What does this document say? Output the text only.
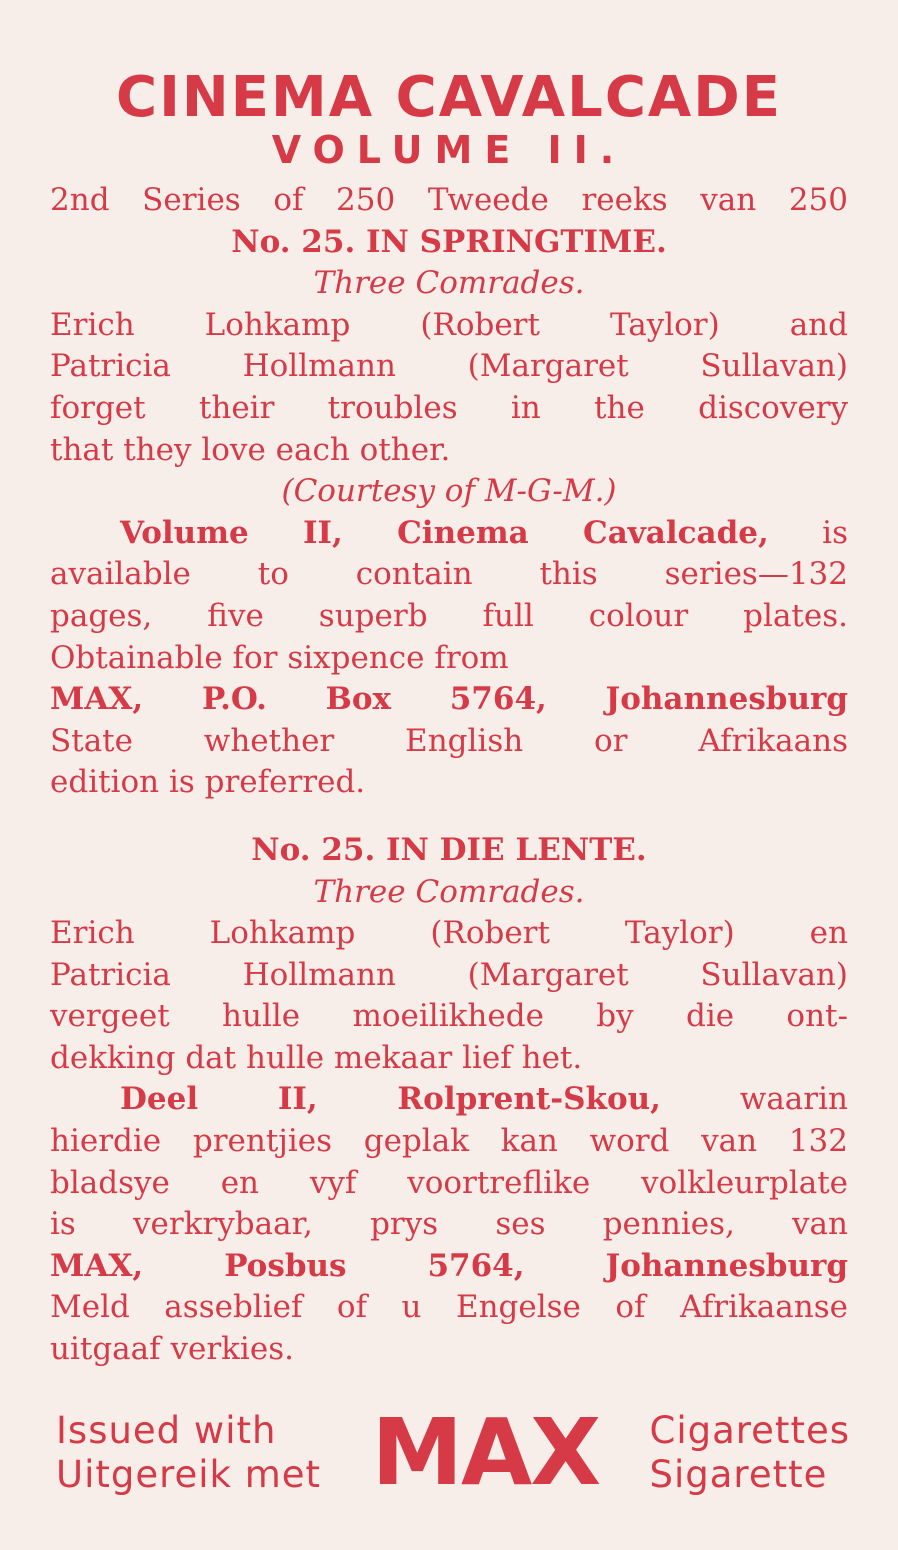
CINEMA CAVALCADE
VOLUME II.
2nd Series of 250 Tweede reeks van 250
No. 25. IN SPRINGTIME.
Three Comrades.
Erich Lohkamp (Robert Taylor) and
Patricia Hollmann (Margaret Sullavan)
forget their troubles in the discovery
that they love each other.
(Courtesy of M-G-M.)
Volume II, Cinema Cavalcade, is
available to contain this series—132
pages, five superb full colour plates.
Obtainable for sixpence from
MAX, P.O. Box 5764, Johannesburg
State whether English or Afrikaans
edition is preferred.
No. 25. IN DIE LENTE.
Three Comrades.
Erich Lohkamp (Robert Taylor) en
Patricia Hollmann (Margaret Sullavan)
vergeet hulle moeilikhede by die ont-
dekking dat hulle mekaar lief het.
Deel II, Rolprent-Skou, waarin
hierdie prentjies geplak kan word van 132
bladsye en vyf voortreflike volkleurplate
is verkrybaar, prys ses pennies, van
MAX, Posbus 5764, Johannesburg
Meld asseblief of u Engelse of Afrikaanse
uitgaaf verkies.
Issued with
Uitgereik met MAX	Cigarettes
Sigarette
